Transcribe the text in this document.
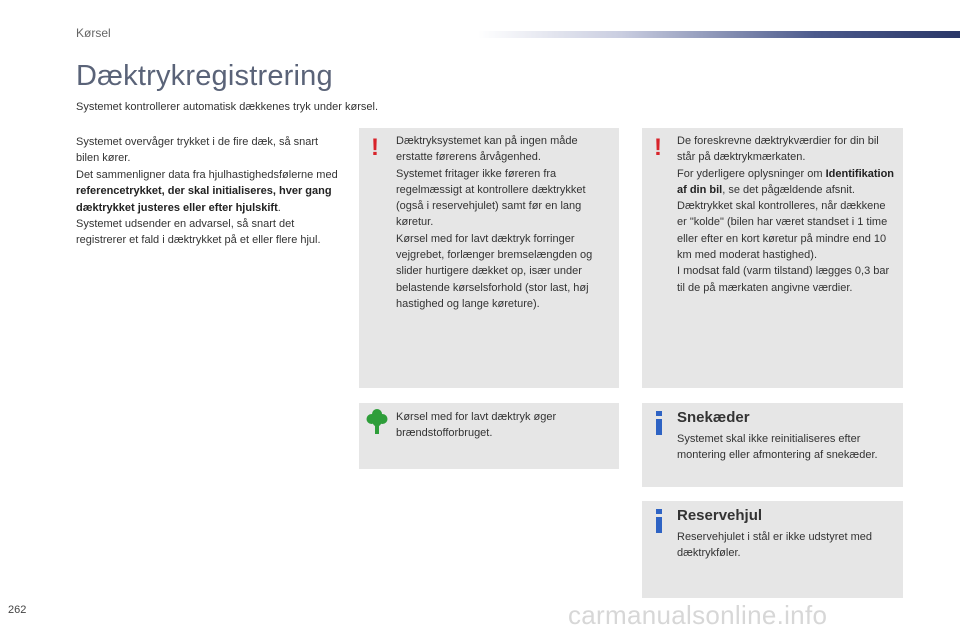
Kørsel
Dæktrykregistrering
Systemet kontrollerer automatisk dækkenes tryk under kørsel.

Systemet overvåger trykket i de fire dæk, så snart bilen kører.

Det sammenligner data fra hjulhastighedsfølerne med referencetrykket, der skal initialiseres, hver gang dæktrykket justeres eller efter hjulskift.

Systemet udsender en advarsel, så snart det registrerer et fald i dæktrykket på et eller flere hjul.

! Dæktryksystemet kan på ingen måde erstatte førerens årvågenhed.

Systemet fritager ikke føreren fra regelmæssigt at kontrollere dæktrykket (også i reservehjulet) samt før en lang køretur.

Kørsel med for lavt dæktryk forringer vejgrebet, forlænger bremselængden og slider hurtigere dækket op, især under belastende kørselsforhold (stor last, høj hastighed og lange køreture).

! De foreskrevne dæktrykværdier for din bil står på dæktrykmærkaten.

For yderligere oplysninger om Identifikation af din bil, se det pågældende afsnit.

Dæktrykket skal kontrolleres, når dækkene er "kolde" (bilen har været standset i 1 time eller efter en kort køretur på mindre end 10 km med moderat hastighed).

I modsat fald (varm tilstand) lægges 0,3 bar til de på mærkaten angivne værdier.

Kørsel med for lavt dæktryk øger brændstofforbruget.
Snekæder
Systemet skal ikke reinitialiseres efter montering eller afmontering af snekæder.
Reservehjul
Reservehjulet i stål er ikke udstyret med dæktrykføler.
262	carmanualsonline.info
